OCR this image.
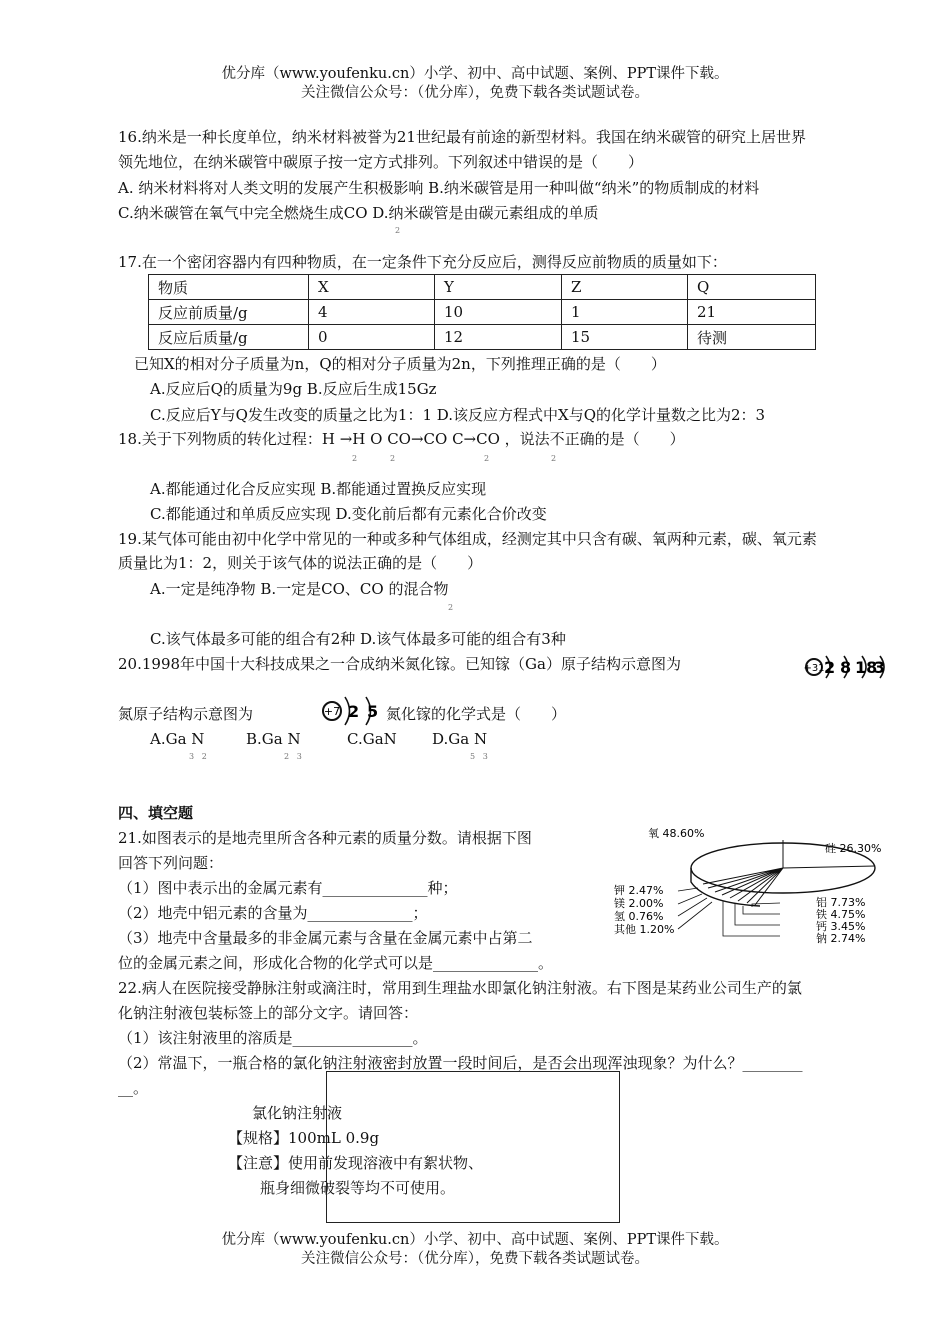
优分库（www.youfenku.cn）小学、初中、高中试题、案例、PPT课件下载。
关注微信公众号：（优分库），免费下载各类试题试卷。
16.纳米是一种长度单位，纳米材料被誉为21世纪最有前途的新型材料。我国在纳米碳管的研究上居世界
领先地位，在纳米碳管中碳原子按一定方式排列。下列叙述中错误的是（　　）
A. 纳米材料将对人类文明的发展产生积极影响 B.纳米碳管是用一种叫做“纳米”的物质制成的材料
C.纳米碳管在氧气中完全燃烧生成CO D.纳米碳管是由碳元素组成的单质
2
17.在一个密闭容器内有四种物质，在一定条件下充分反应后，测得反应前物质的质量如下：
物质	X	Y	Z	Q
反应前质量/g	4	10	1	21
反应后质量/g	0	12	15	待测
已知X的相对分子质量为n，Q的相对分子质量为2n，下列推理正确的是（　　）
A.反应后Q的质量为9g B.反应后生成15Gz
C.反应后Y与Q发生改变的质量之比为1：1 D.该反应方程式中X与Q的化学计量数之比为2：3
18.关于下列物质的转化过程：H →H O CO→CO C→CO ，说法不正确的是（　　）
2	2	2	2
A.都能通过化合反应实现 B.都能通过置换反应实现
C.都能通过和单质反应实现 D.变化前后都有元素化合价改变
19.某气体可能由初中化学中常见的一种或多种气体组成，经测定其中只含有碳、氧两种元素，碳、氧元素
质量比为1：2，则关于该气体的说法正确的是（　　）
A.一定是纯净物 B.一定是CO、CO 的混合物
2
C.该气体最多可能的组合有2种 D.该气体最多可能的组合有3种
20.1998年中国十大科技成果之一合成纳米氮化镓。已知镓（Ga）原子结构示意图为	+31 2 8 183
氮原子结构示意图为	+7 2 5 氮化镓的化学式是（　　）
A.Ga N	B.Ga N	C.GaN D.Ga N
3   2	2   3	5   3
四、填空题
21.如图表示的是地壳里所含各种元素的质量分数。请根据下图
回答下列问题：
（1）图中表示出的金属元素有______________种；
（2）地壳中铝元素的含量为______________；
（3）地壳中含量最多的非金属元素与含量在金属元素中占第二
位的金属元素之间，形成化合物的化学式可以是______________。
氧 48.60%
硅 26.30%
钾 2.47%
镁 2.00%
氢 0.76%
其他 1.20%
铝 7.73%
铁 4.75%
钙 3.45%
钠 2.74%
22.病人在医院接受静脉注射或滴注时，常用到生理盐水即氯化钠注射液。右下图是某药业公司生产的氯
化钠注射液包装标签上的部分文字。请回答：
（1）该注射液里的溶质是________________。
（2）常温下，一瓶合格的氯化钠注射液密封放置一段时间后，是否会出现浑浊现象？为什么？________
__。
氯化钠注射液
【规格】100mL 0.9g
【注意】使用前发现溶液中有絮状物、
瓶身细微破裂等均不可使用。
优分库（www.youfenku.cn）小学、初中、高中试题、案例、PPT课件下载。
关注微信公众号：（优分库），免费下载各类试题试卷。
